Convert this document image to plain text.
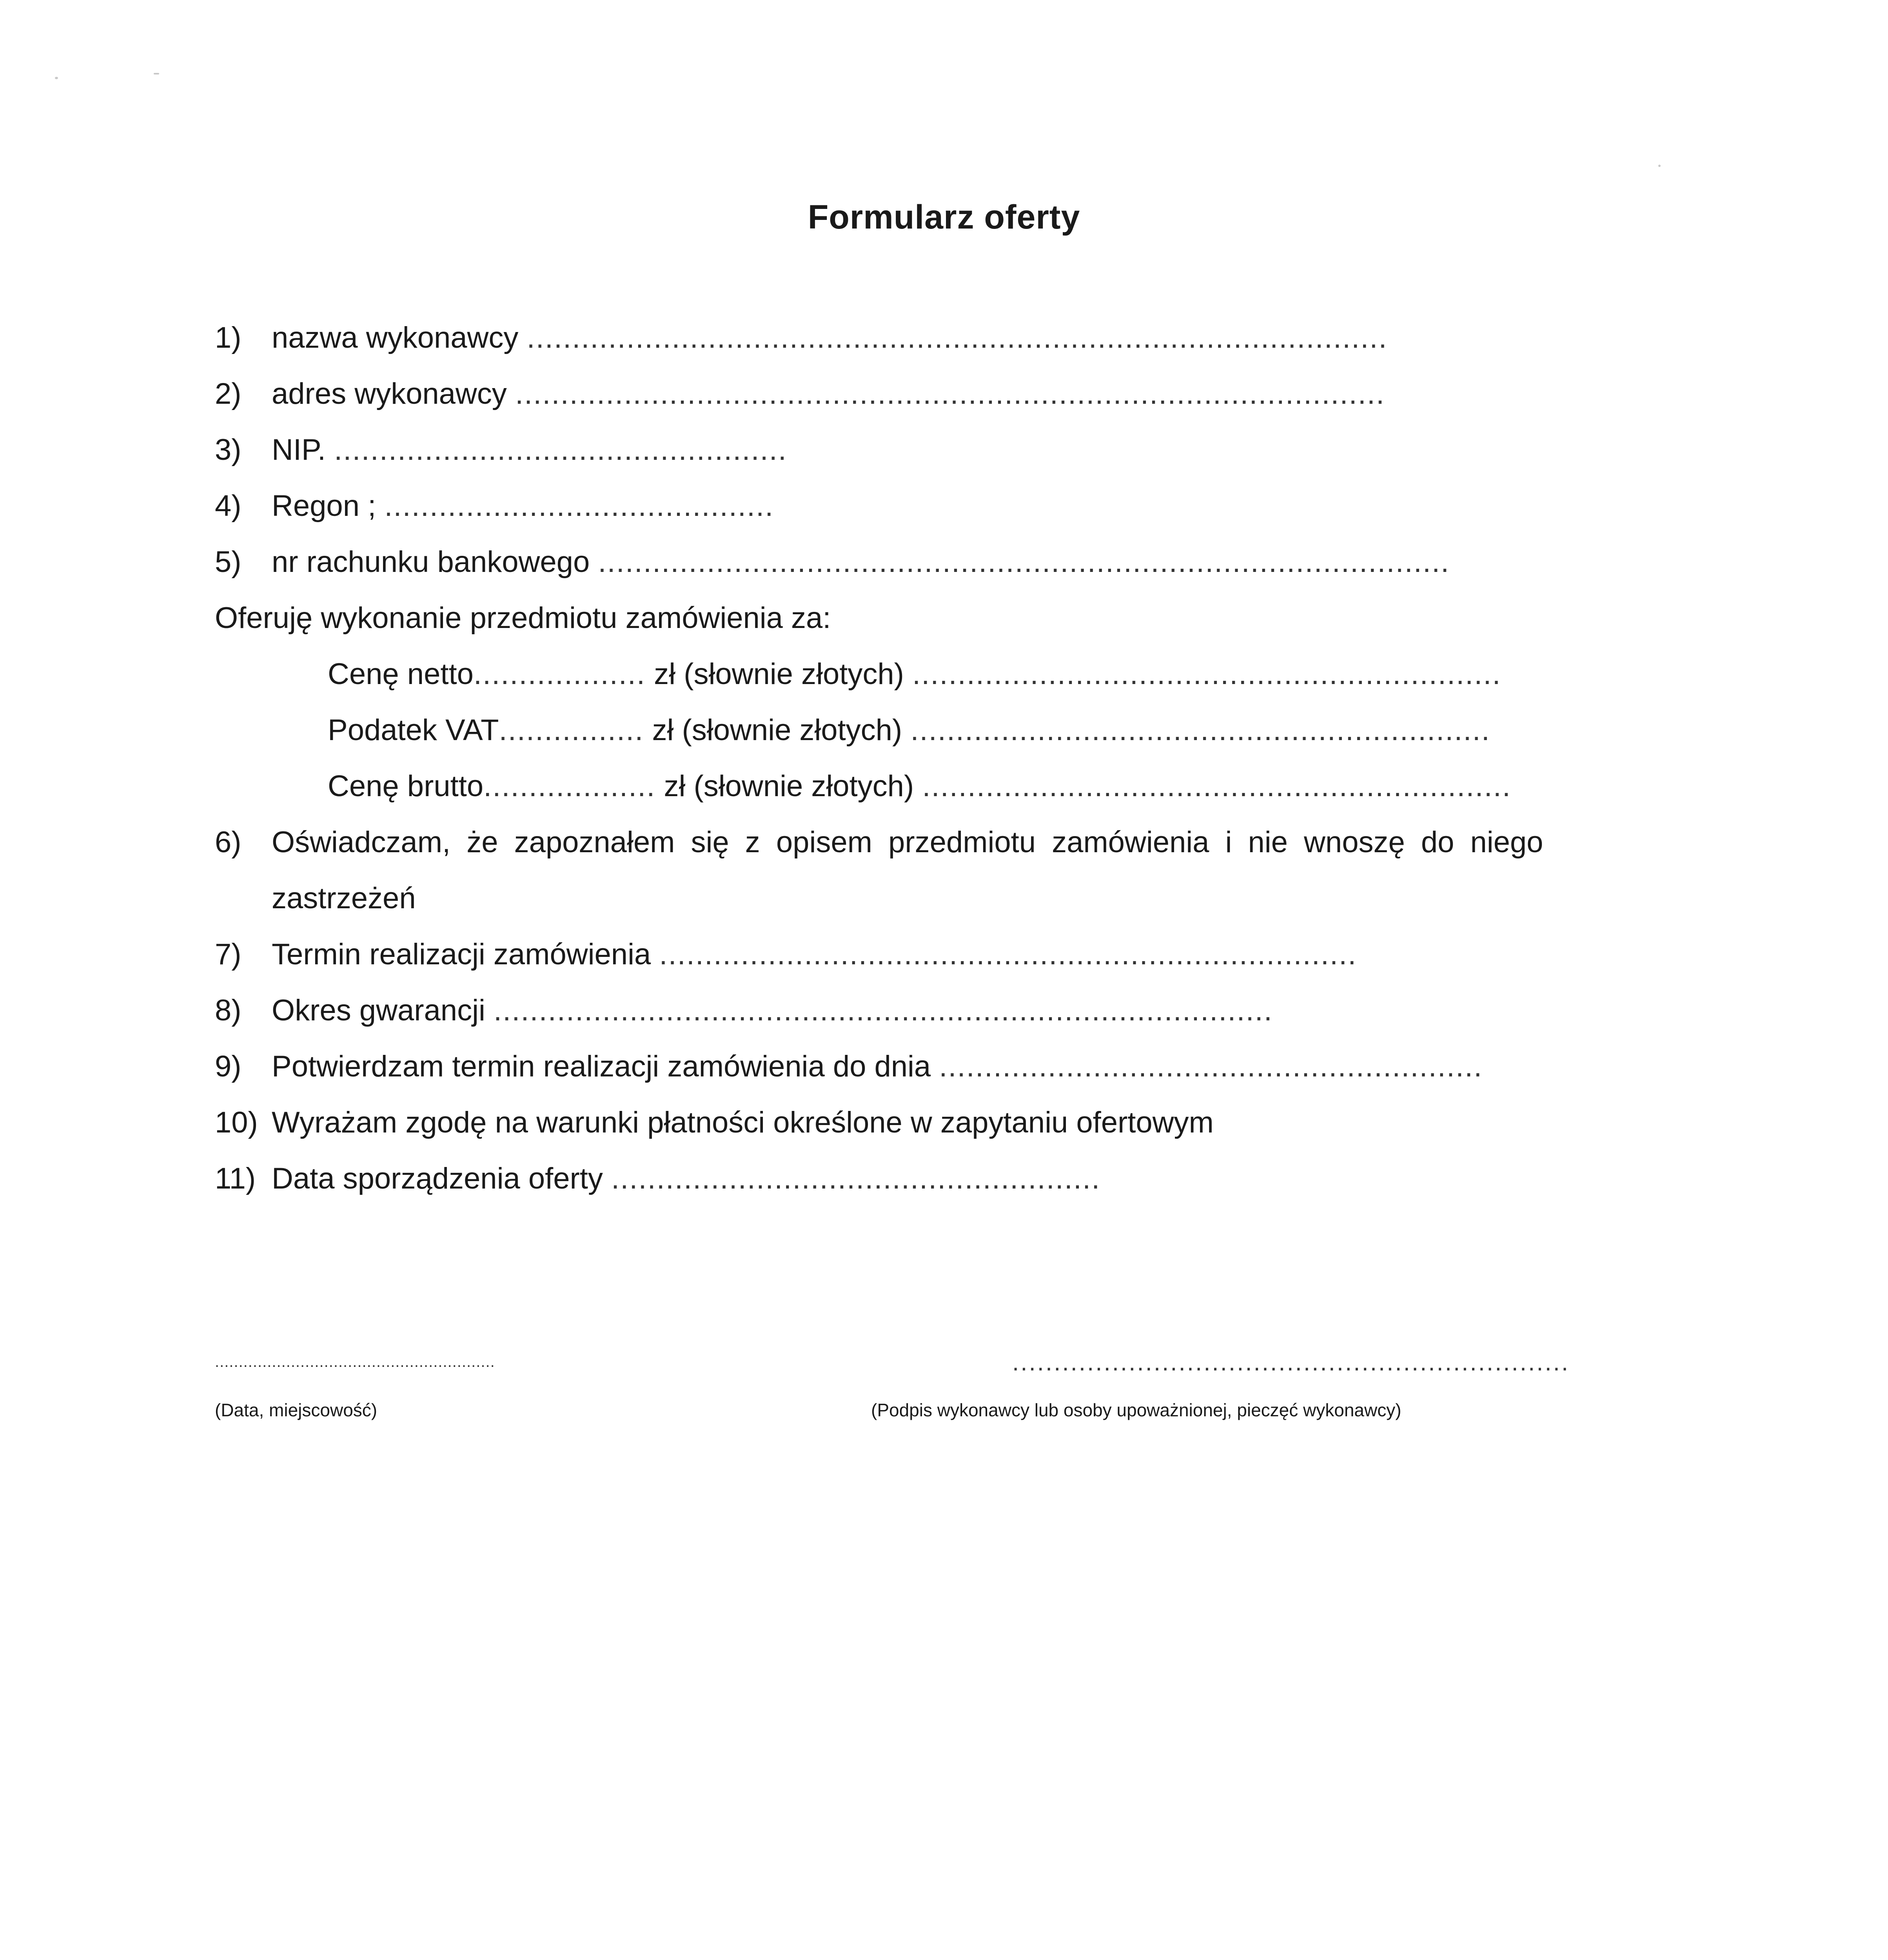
Formularz oferty
1) nazwa wykonawcy ...............................................................................................
2) adres wykonawcy ................................................................................................
3) NIP. ..................................................
4) Regon ; ...........................................
5) nr rachunku bankowego ..............................................................................................
Oferuję wykonanie przedmiotu zamówienia za:
Cenę netto................... zł (słownie złotych) .................................................................
Podatek VAT................ zł (słownie złotych) ................................................................
Cenę brutto................... zł (słownie złotych) .................................................................
6) Oświadczam, że zapoznałem się z opisem przedmiotu zamówienia i nie wnoszę do niego
zastrzeżeń
7) Termin realizacji zamówienia .............................................................................
8) Okres gwarancji ......................................................................................
9) Potwierdzam termin realizacji zamówienia do dnia ............................................................
10) Wyrażam zgodę na warunki płatności określone w zapytaniu ofertowym
11) Data sporządzenia oferty ......................................................
...........................................................
(Data, miejscowość)
...................................................................
(Podpis wykonawcy lub osoby upoważnionej, pieczęć wykonawcy)
